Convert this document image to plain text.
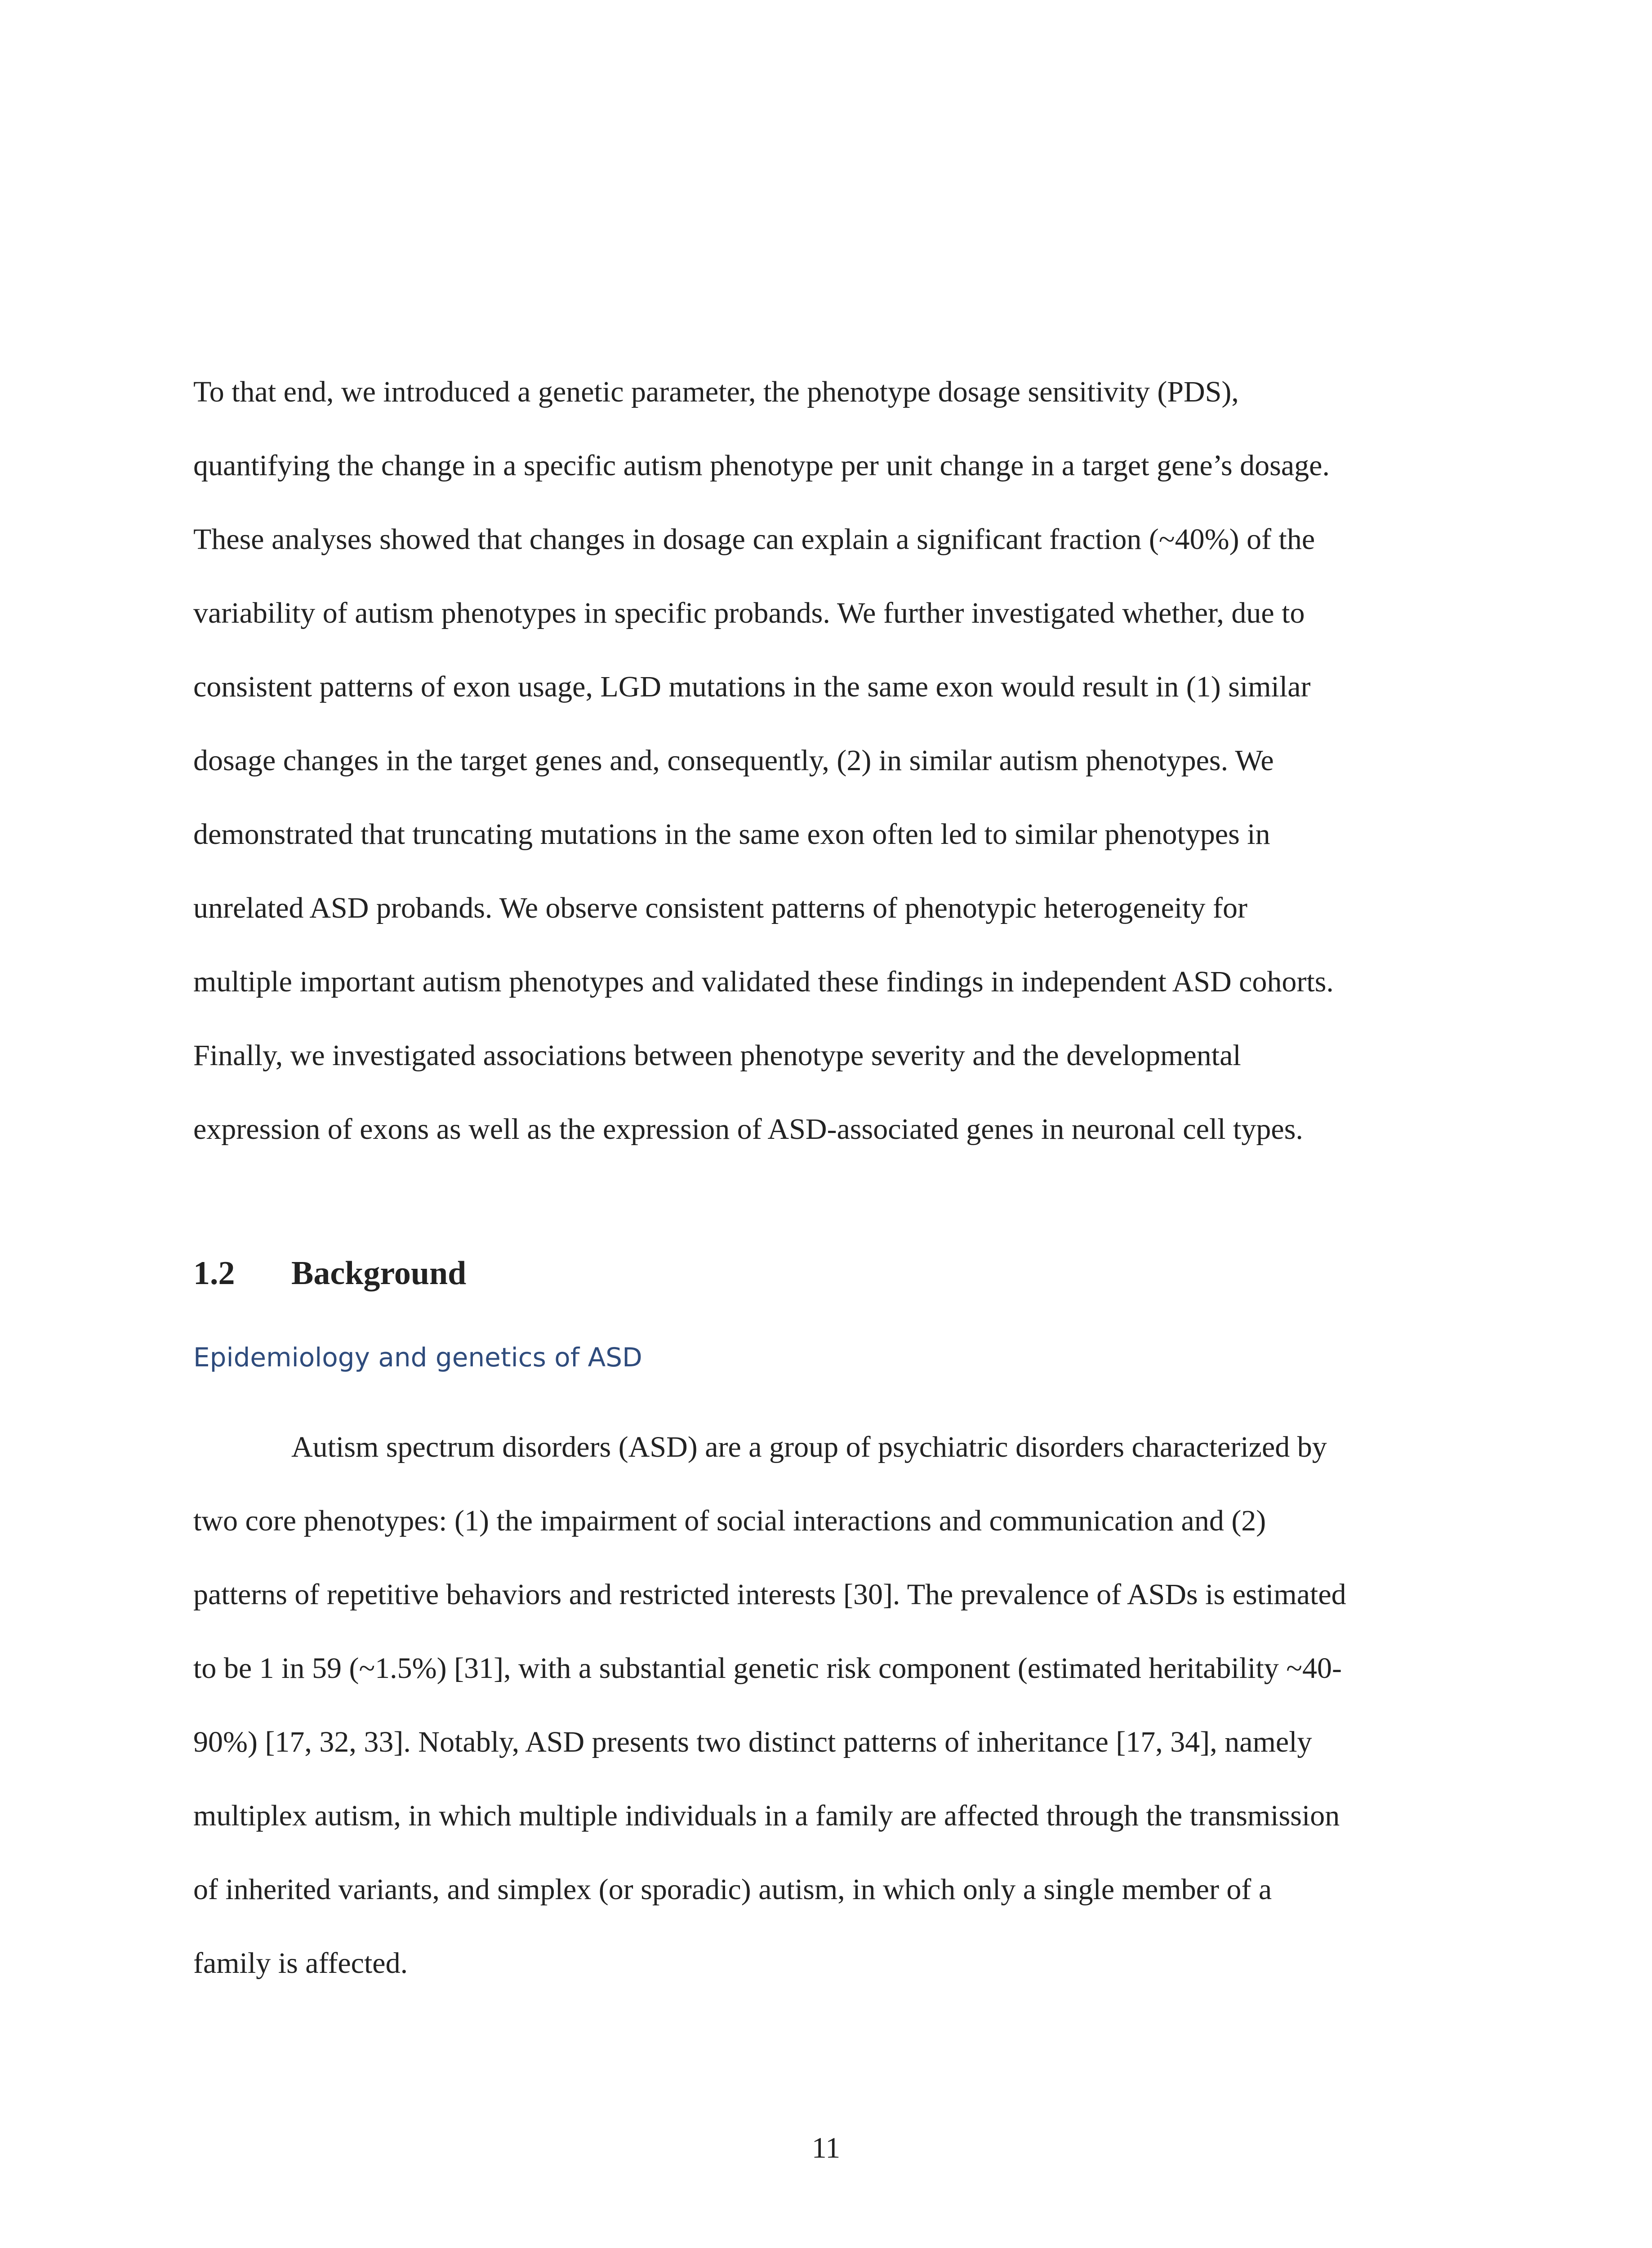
To that end, we introduced a genetic parameter, the phenotype dosage sensitivity (PDS),
quantifying the change in a specific autism phenotype per unit change in a target gene’s dosage.
These analyses showed that changes in dosage can explain a significant fraction (~40%) of the
variability of autism phenotypes in specific probands. We further investigated whether, due to
consistent patterns of exon usage, LGD mutations in the same exon would result in (1) similar
dosage changes in the target genes and, consequently, (2) in similar autism phenotypes. We
demonstrated that truncating mutations in the same exon often led to similar phenotypes in
unrelated ASD probands. We observe consistent patterns of phenotypic heterogeneity for
multiple important autism phenotypes and validated these findings in independent ASD cohorts.
Finally, we investigated associations between phenotype severity and the developmental
expression of exons as well as the expression of ASD-associated genes in neuronal cell types.
1.2 Background
Epidemiology and genetics of ASD
Autism spectrum disorders (ASD) are a group of psychiatric disorders characterized by
two core phenotypes: (1) the impairment of social interactions and communication and (2)
patterns of repetitive behaviors and restricted interests [30]. The prevalence of ASDs is estimated
to be 1 in 59 (~1.5%) [31], with a substantial genetic risk component (estimated heritability ~40-
90%) [17, 32, 33]. Notably, ASD presents two distinct patterns of inheritance [17, 34], namely
multiplex autism, in which multiple individuals in a family are affected through the transmission
of inherited variants, and simplex (or sporadic) autism, in which only a single member of a
family is affected.
11
